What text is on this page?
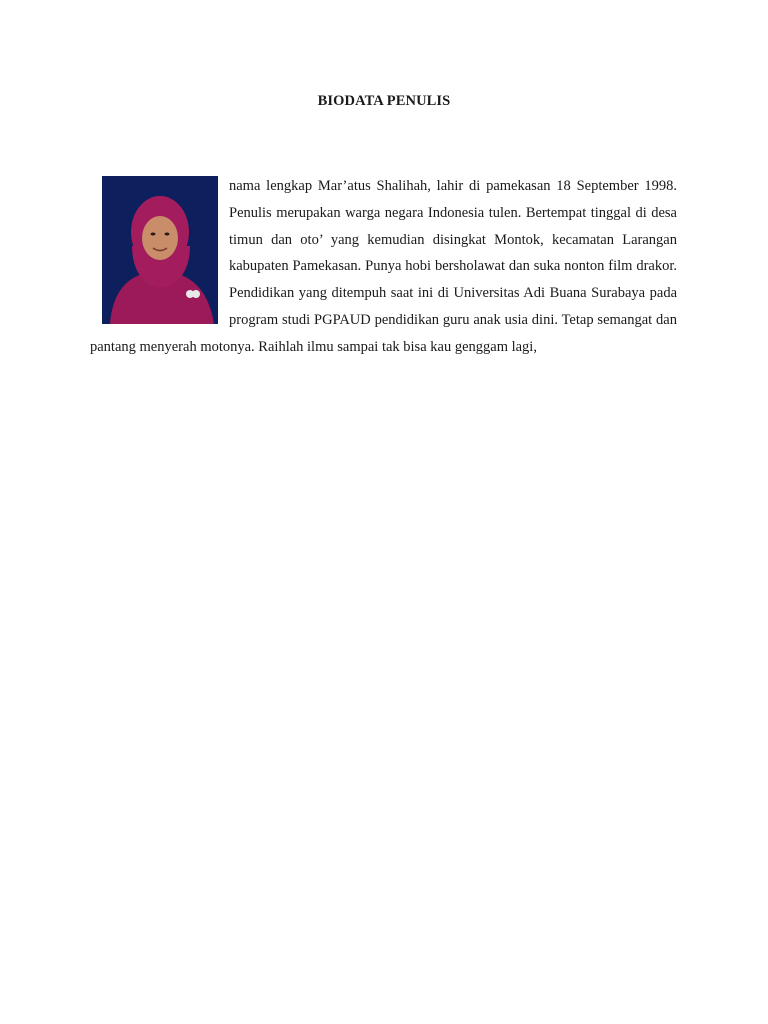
BIODATA PENULIS
nama lengkap Mar’atus Shalihah, lahir di pamekasan 18 September 1998. Penulis merupakan warga negara Indonesia tulen. Bertempat tinggal di desa timun dan oto’ yang kemudian disingkat Montok, kecamatan Larangan kabupaten Pamekasan. Punya hobi bersholawat dan suka nonton film drakor. Pendidikan yang ditempuh saat ini di Universitas Adi Buana Surabaya pada program studi PGPAUD pendidikan guru anak usia dini. Tetap semangat dan pantang menyerah motonya. Raihlah ilmu sampai tak bisa kau genggam lagi,
